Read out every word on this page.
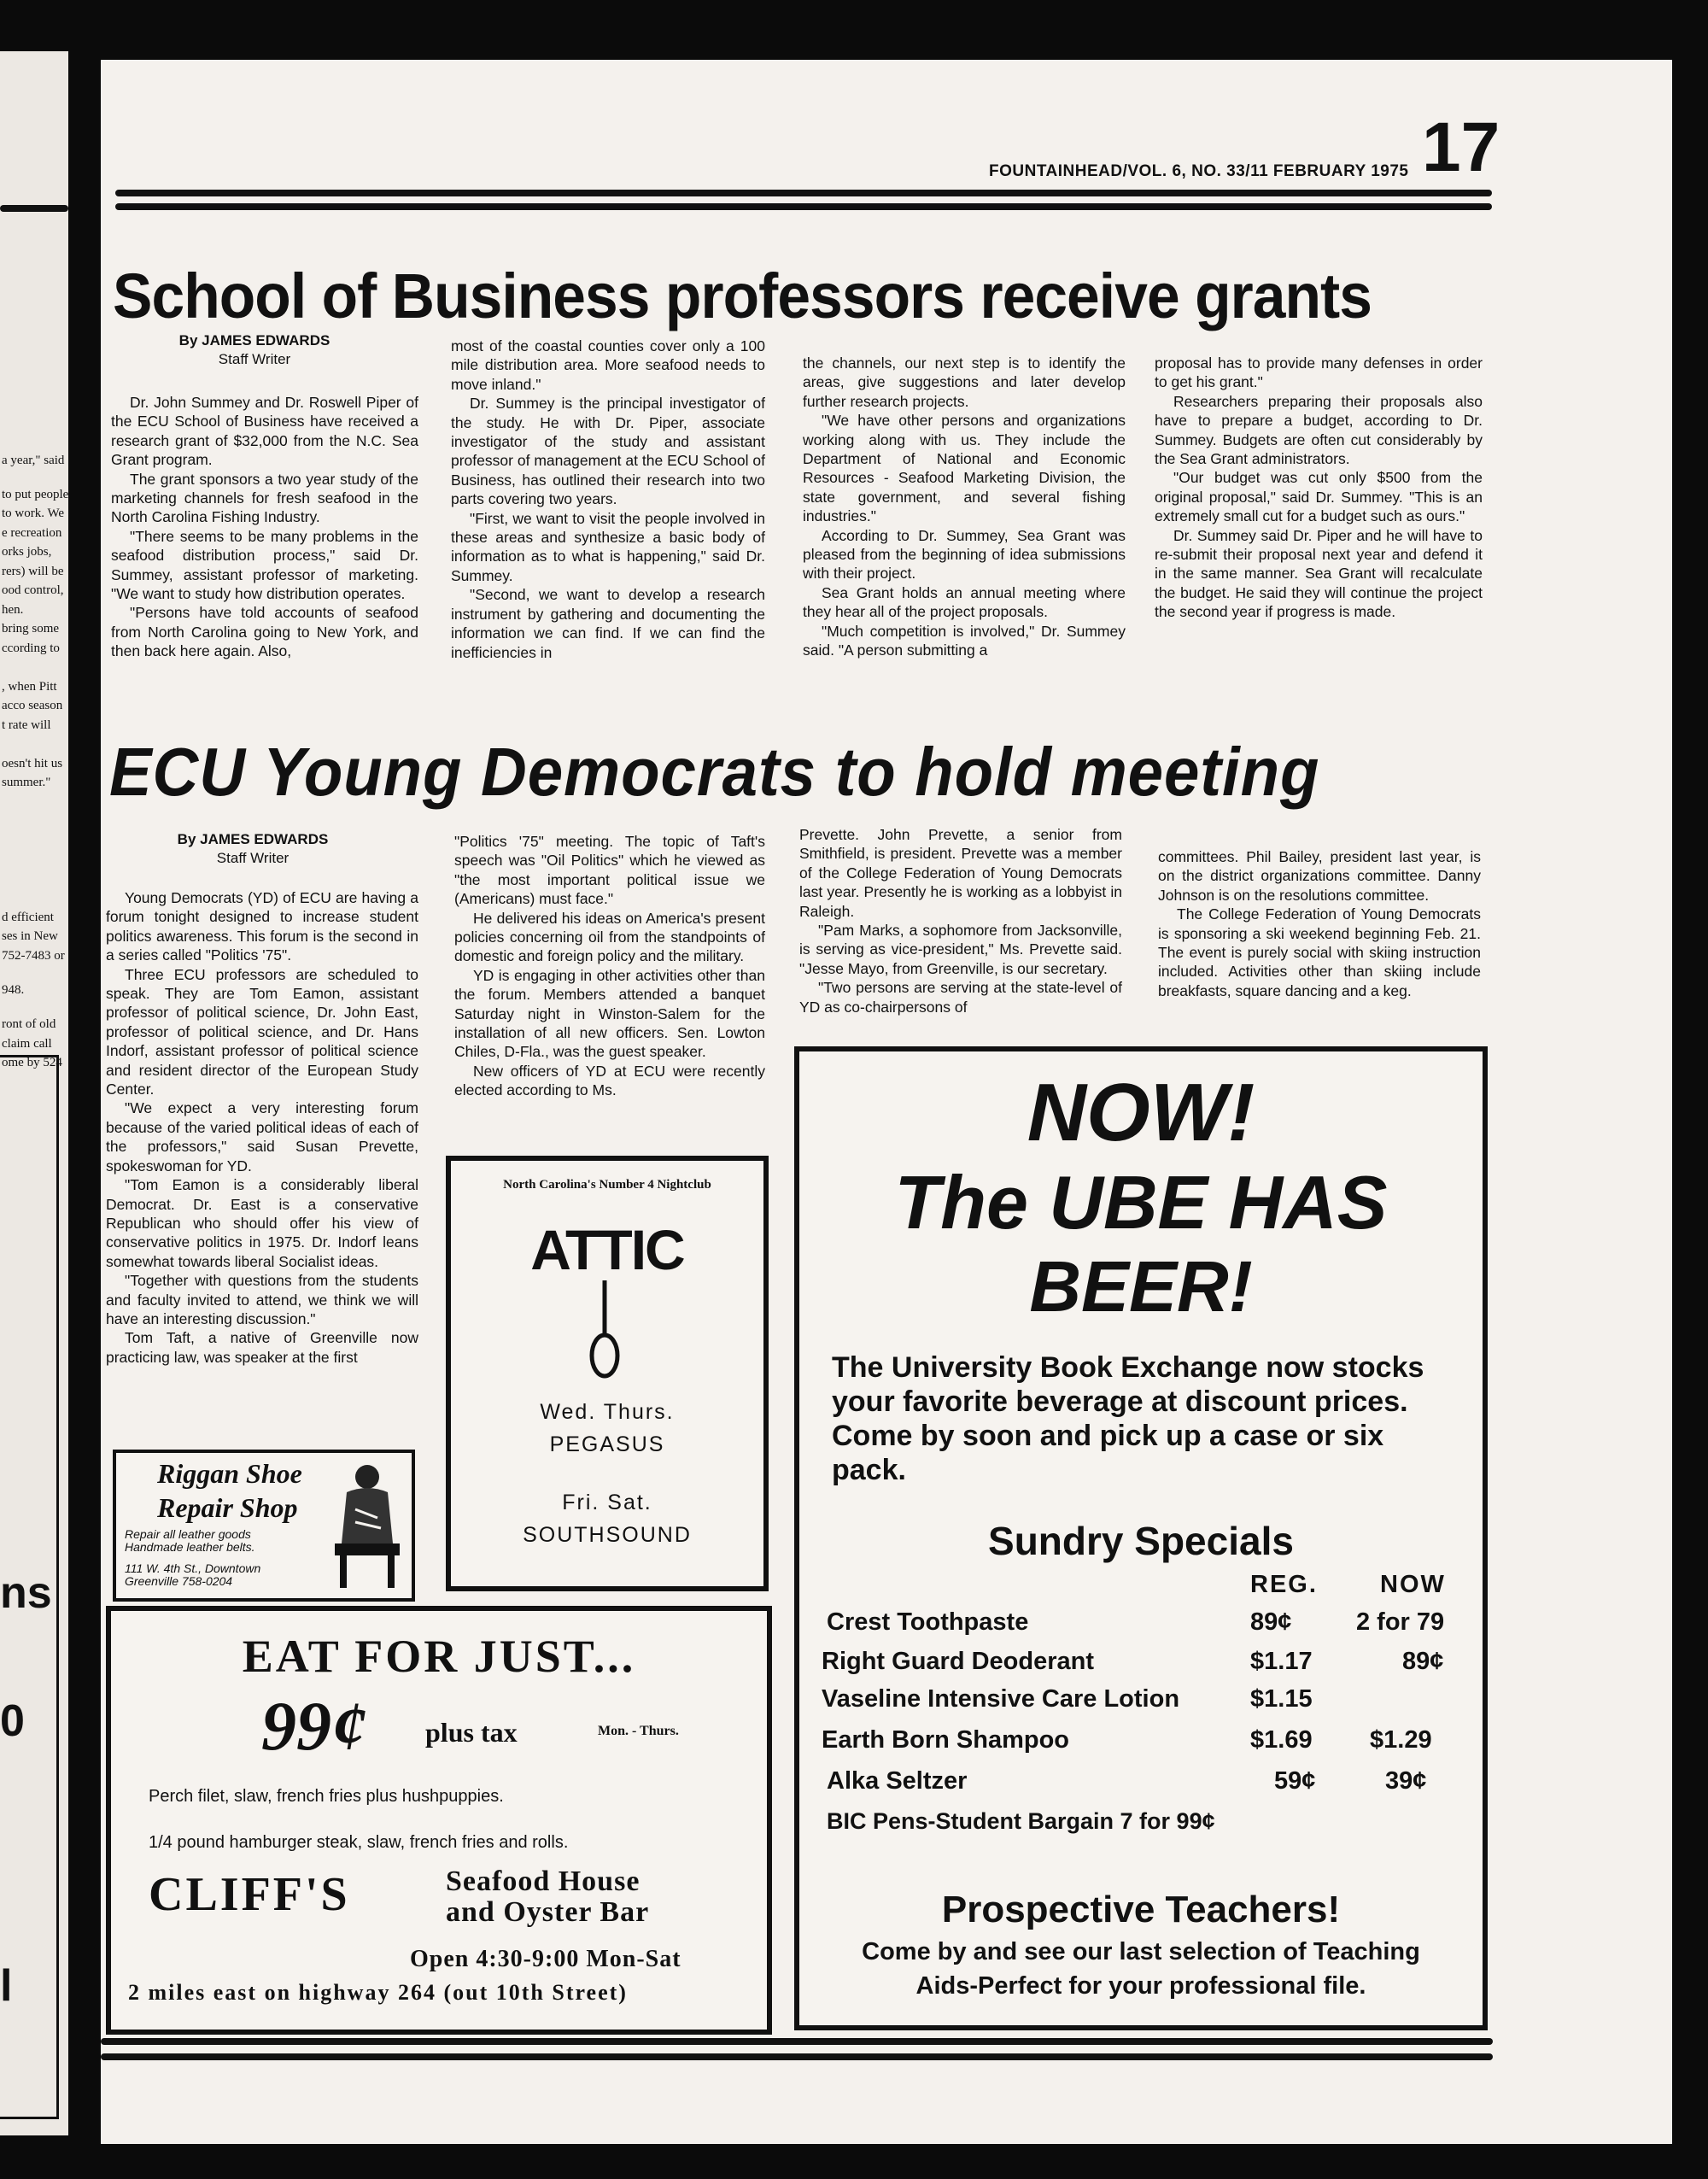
a year," said
to put people
to work. We
e recreation
orks jobs,
rers) will be
ood control,
hen.
bring some
ccording to
, when Pitt
acco season
t rate will
oesn't hit us
summer."
d efficient
ses in New
752-7483 or
948.
ront of old
claim call
ome by 524
ns
0
l
FOUNTAINHEAD/VOL. 6, NO. 33/11 FEBRUARY 1975 17
School of Business professors receive grants
By JAMES EDWARDS
Staff Writer

Dr. John Summey and Dr. Roswell Piper of the ECU School of Business have received a research grant of $32,000 from the N.C. Sea Grant program.

The grant sponsors a two year study of the marketing channels for fresh seafood in the North Carolina Fishing Industry.

"There seems to be many problems in the seafood distribution process," said Dr. Summey, assistant professor of marketing. "We want to study how distribution operates.

"Persons have told accounts of seafood from North Carolina going to New York, and then back here again. Also,

most of the coastal counties cover only a 100 mile distribution area. More seafood needs to move inland."

Dr. Summey is the principal investigator of the study. He with Dr. Piper, associate investigator of the study and assistant professor of management at the ECU School of Business, has outlined their research into two parts covering two years.

"First, we want to visit the people involved in these areas and synthesize a basic body of information as to what is happening," said Dr. Summey.

"Second, we want to develop a research instrument by gathering and documenting the information we can find. If we can find the inefficiencies in

the channels, our next step is to identify the areas, give suggestions and later develop further research projects.

"We have other persons and organizations working along with us. They include the Department of National and Economic Resources - Seafood Marketing Division, the state government, and several fishing industries."

According to Dr. Summey, Sea Grant was pleased from the beginning of idea submissions with their project.

Sea Grant holds an annual meeting where they hear all of the project proposals.

"Much competition is involved," Dr. Summey said. "A person submitting a

proposal has to provide many defenses in order to get his grant."

Researchers preparing their proposals also have to prepare a budget, according to Dr. Summey. Budgets are often cut considerably by the Sea Grant administrators.

"Our budget was cut only $500 from the original proposal," said Dr. Summey. "This is an extremely small cut for a budget such as ours."

Dr. Summey said Dr. Piper and he will have to re-submit their proposal next year and defend it in the same manner. Sea Grant will recalculate the budget. He said they will continue the project the second year if progress is made.

ECU Young Democrats to hold meeting
By JAMES EDWARDS
Staff Writer

Young Democrats (YD) of ECU are having a forum tonight designed to increase student politics awareness. This forum is the second in a series called "Politics '75".

Three ECU professors are scheduled to speak. They are Tom Eamon, assistant professor of political science, Dr. John East, professor of political science, and Dr. Hans Indorf, assistant professor of political science and resident director of the European Study Center.

"We expect a very interesting forum because of the varied political ideas of each of the professors," said Susan Prevette, spokeswoman for YD.

"Tom Eamon is a considerably liberal Democrat. Dr. East is a conservative Republican who should offer his view of conservative politics in 1975. Dr. Indorf leans somewhat towards liberal Socialist ideas.

"Together with questions from the students and faculty invited to attend, we think we will have an interesting discussion."

Tom Taft, a native of Greenville now practicing law, was speaker at the first

"Politics '75" meeting. The topic of Taft's speech was "Oil Politics" which he viewed as "the most important political issue we (Americans) must face."

He delivered his ideas on America's present policies concerning oil from the standpoints of domestic and foreign policy and the military.

YD is engaging in other activities other than the forum. Members attended a banquet Saturday night in Winston-Salem for the installation of all new officers. Sen. Lowton Chiles, D-Fla., was the guest speaker.

New officers of YD at ECU were recently elected according to Ms.

Prevette. John Prevette, a senior from Smithfield, is president. Prevette was a member of the College Federation of Young Democrats last year. Presently he is working as a lobbyist in Raleigh.

"Pam Marks, a sophomore from Jacksonville, is serving as vice-president," Ms. Prevette said. "Jesse Mayo, from Greenville, is our secretary.

"Two persons are serving at the state-level of YD as co-chairpersons of

committees. Phil Bailey, president last year, is on the district organizations committee. Danny Johnson is on the resolutions committee.

The College Federation of Young Democrats is sponsoring a ski weekend beginning Feb. 21. The event is purely social with skiing instruction included. Activities other than skiing include breakfasts, square dancing and a keg.

Riggan Shoe
Repair Shop
Repair all leather goods
Handmade leather belts.
111 W. 4th St., Downtown
Greenville 758-0204
North Carolina's Number 4 Nightclub
ATTIC
Wed. Thurs.
PEGASUS
Fri. Sat.
SOUTHSOUND
EAT FOR JUST...
99¢ plus tax	Mon. - Thurs.
Perch filet, slaw, french fries plus hushpuppies.
1/4 pound hamburger steak, slaw, french fries and rolls.
CLIFF'S	Seafood House
and Oyster Bar
Open 4:30-9:00 Mon-Sat
2 miles east on highway 264 (out 10th Street)
NOW!
The UBE HAS
BEER!
The University Book Exchange now stocks your favorite beverage at discount prices. Come by soon and pick up a case or six pack.
Sundry Specials
REG.	NOW
Crest Toothpaste	89¢	2 for 79
Right Guard Deoderant	$1.17	89¢
Vaseline Intensive Care Lotion	$1.15
Earth Born Shampoo	$1.69 $1.29
Alka Seltzer	59¢	39¢
BIC Pens-Student Bargain 7 for 99¢
Prospective Teachers!
Come by and see our last selection of Teaching
Aids-Perfect for your professional file.
